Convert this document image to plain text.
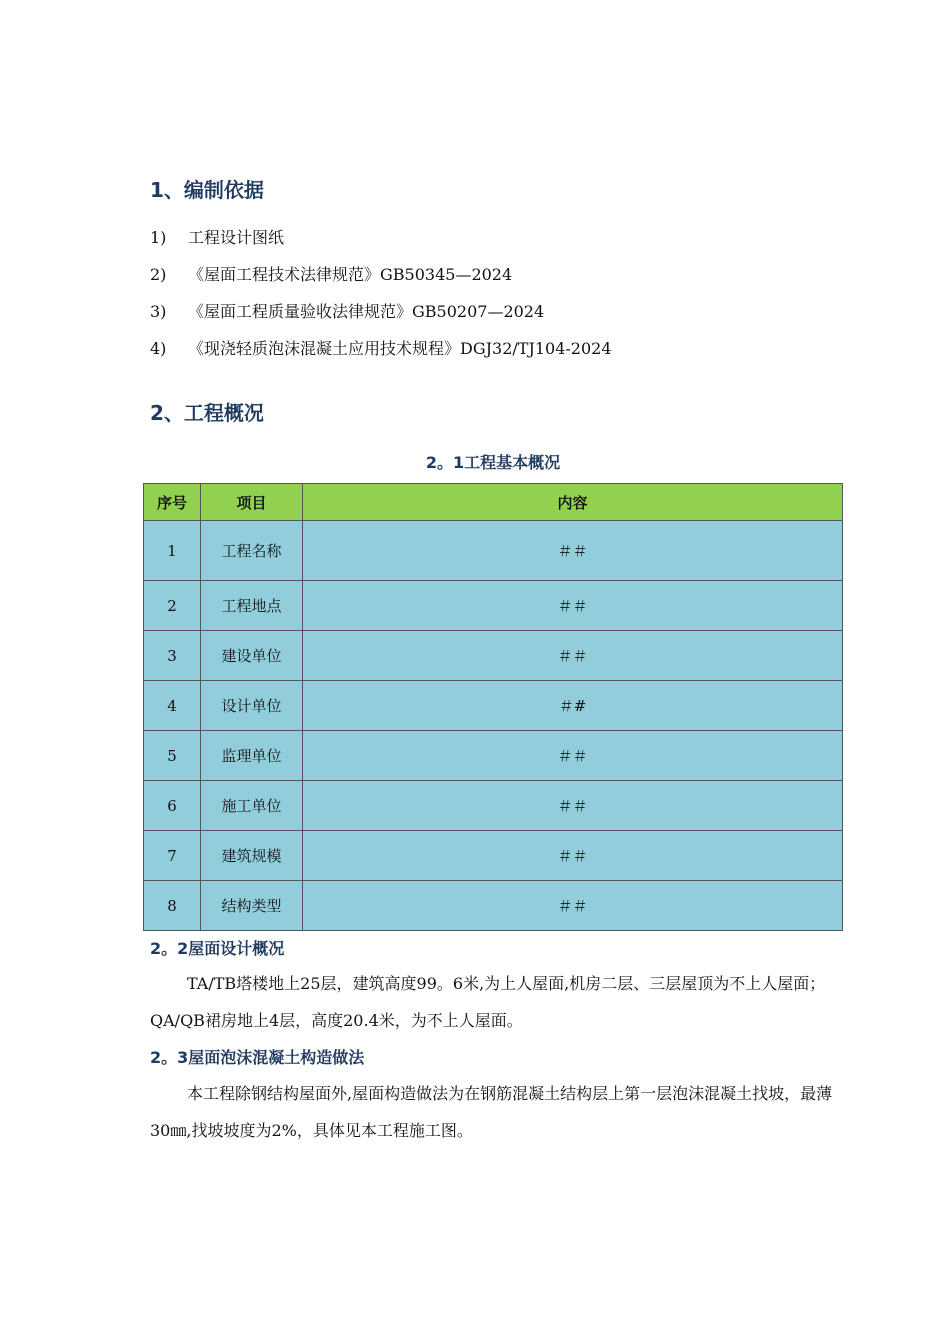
1、编制依据
1) 工程设计图纸
2) 《屋面工程技术法律规范》GB50345—2024
3) 《屋面工程质量验收法律规范》GB50207—2024
4) 《现浇轻质泡沫混凝土应用技术规程》DGJ32/TJ104-2024
2、工程概况
2。1工程基本概况
序号	项目	内容
1	工程名称	＃＃
2	工程地点	＃＃
3	建设单位	＃＃
4	设计单位	＃#
5	监理单位	＃＃
6	施工单位	＃＃
7	建筑规模	＃＃
8	结构类型	＃＃
2。2屋面设计概况
TA/TB塔楼地上25层，建筑高度99。6米,为上人屋面,机房二层、三层屋顶为不上人屋面；QA/QB裙房地上4层，高度20.4米，为不上人屋面。
2。3屋面泡沫混凝土构造做法
本工程除钢结构屋面外,屋面构造做法为在钢筋混凝土结构层上第一层泡沫混凝土找坡，最薄30㎜,找坡坡度为2%，具体见本工程施工图。
